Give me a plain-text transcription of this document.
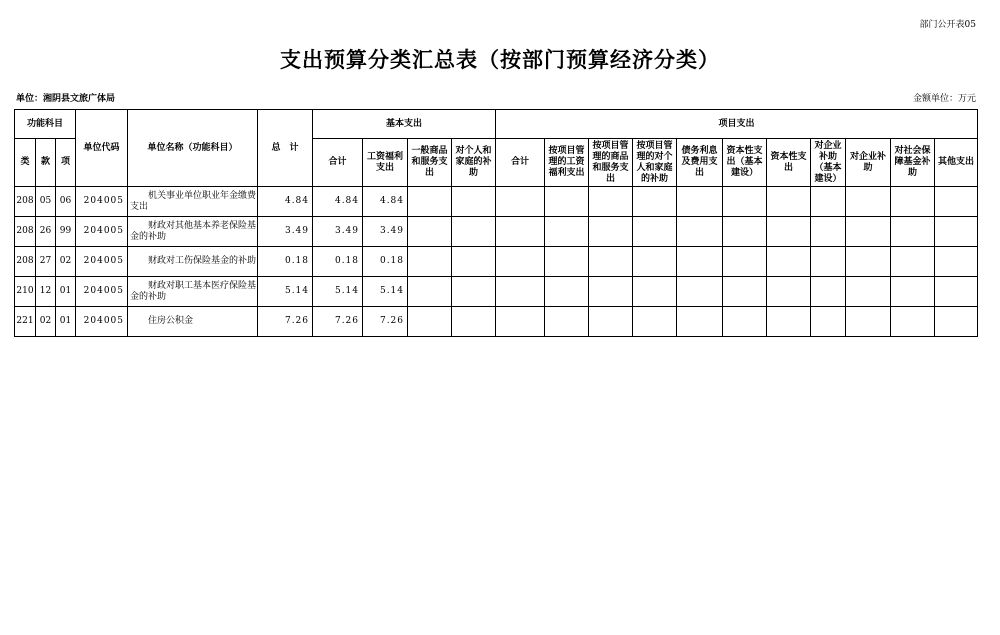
部门公开表05
支出预算分类汇总表（按部门预算经济分类）
单位：湘阴县文旅广体局	金额单位：万元
功能科目			单位代码	单位名称（功能科目）	总　计	基本支出				项目支出										
类	款	项				合计	工资福利支出	一般商品和服务支出	对个人和家庭的补助	合计	按项目管理的工资福利支出	按项目管理的商品和服务支出	按项目管理的对个人和家庭的补助	债务利息及费用支出	资本性支出（基本建设）	资本性支出	对企业补助（基本建设）	对企业补助	对社会保障基金补助	其他支出
208	05	06	204005	机关事业单位职业年金缴费支出	4.84	4.84	4.84													
208	26	99	204005	财政对其他基本养老保险基金的补助	3.49	3.49	3.49													
208	27	02	204005	财政对工伤保险基金的补助	0.18	0.18	0.18													
210	12	01	204005	财政对职工基本医疗保险基金的补助	5.14	5.14	5.14													
221	02	01	204005	住房公积金	7.26	7.26	7.26													
